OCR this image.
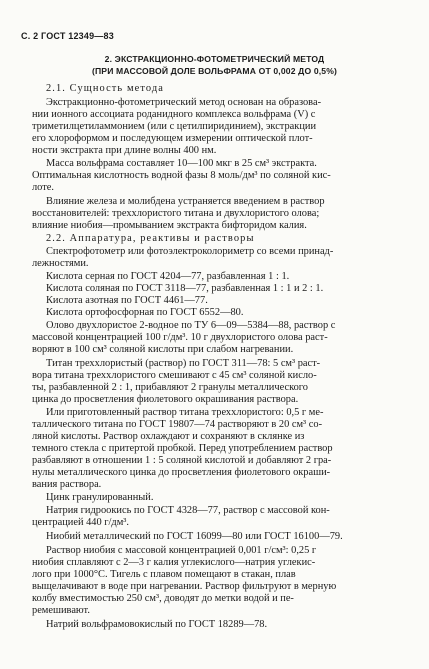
С. 2 ГОСТ 12349—83
2. ЭКСТРАКЦИОННО-ФОТОМЕТРИЧЕСКИЙ МЕТОД
(ПРИ МАССОВОЙ ДОЛЕ ВОЛЬФРАМА ОТ 0,002 ДО 0,5%)
2.1. Сущность метода
Экстракционно-фотометрический метод основан на образова-
нии ионного ассоциата роданидного комплекса вольфрама (V) с
триметилцетиламмонием (или с цетилпиридинием), экстракции
его хлороформом и последующем измерении оптической плот-
ности экстракта при длине волны 400 нм.
Масса вольфрама составляет 10—100 мкг в 25 см³ экстракта.
Оптимальная кислотность водной фазы 8 моль/дм³ по соляной кис-
лоте.
Влияние железа и молибдена устраняется введением в раствор
восстановителей: треххлористого титана и двухлористого олова;
влияние ниобия—промыванием экстракта бифторидом калия.
2.2. Аппаратура, реактивы и растворы
Спектрофотометр или фотоэлектроколориметр со всеми принад-
лежностями.
Кислота серная по ГОСТ 4204—77, разбавленная 1 : 1.
Кислота соляная по ГОСТ 3118—77, разбавленная 1 : 1 и 2 : 1.
Кислота азотная по ГОСТ 4461—77.
Кислота ортофосфорная по ГОСТ 6552—80.
Олово двухлористое 2-водное по ТУ 6—09—5384—88, раствор с
массовой концентрацией 100 г/дм³. 10 г двухлористого олова раст-
воряют в 100 см³ соляной кислоты при слабом нагревании.
Титан треххлористый (раствор) по ГОСТ 311—78: 5 см³ раст-
вора титана треххлористого смешивают с 45 см³ соляной кисло-
ты, разбавленной 2 : 1, прибавляют 2 гранулы металлического
цинка до просветления фиолетового окрашивания раствора.
Или приготовленный раствор титана треххлористого: 0,5 г ме-
таллического титана по ГОСТ 19807—74 растворяют в 20 см³ со-
ляной кислоты. Раствор охлаждают и сохраняют в склянке из
темного стекла с притертой пробкой. Перед употреблением раствор
разбавляют в отношении 1 : 5 соляной кислотой и добавляют 2 гра-
нулы металлического цинка до просветления фиолетового окраши-
вания раствора.
Цинк гранулированный.
Натрия гидроокись по ГОСТ 4328—77, раствор с массовой кон-
центрацией 440 г/дм³.
Ниобий металлический по ГОСТ 16099—80 или ГОСТ 16100—79.
Раствор ниобия с массовой концентрацией 0,001 г/см³: 0,25 г
ниобия сплавляют с 2—3 г калия углекислого—натрия углекис-
лого при 1000°С. Тигель с плавом помещают в стакан, плав
выщелачивают в воде при нагревании. Раствор фильтруют в мерную
колбу вместимостью 250 см³, доводят до метки водой и пе-
ремешивают.
Натрий вольфрамовокислый по ГОСТ 18289—78.
